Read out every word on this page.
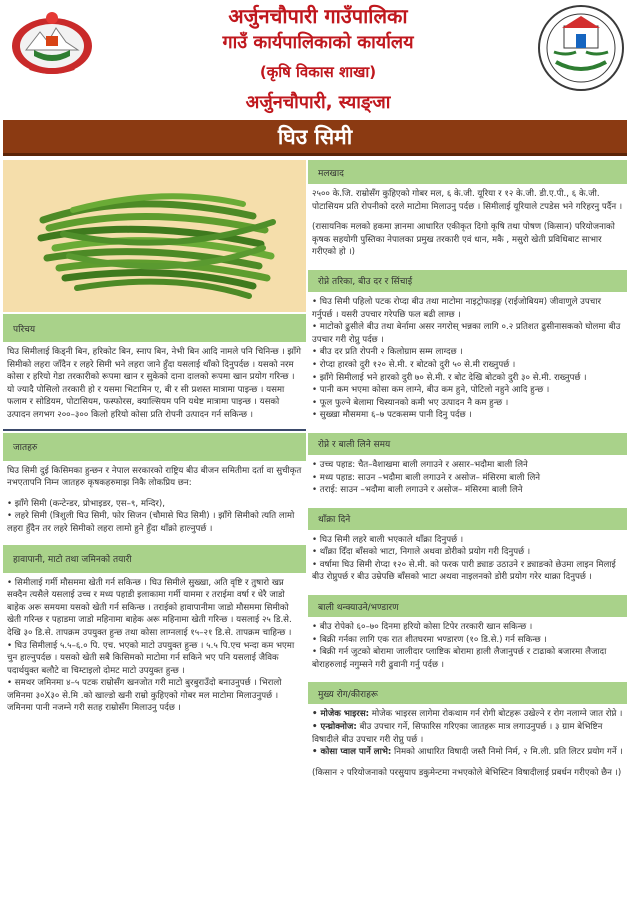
अर्जुनचौपारी गाउँपालिका
गाउँ कार्यपालिकाको कार्यालय
(कृषि विकास शाखा)
अर्जुनचौपारी, स्याङ्जा
घिउ सिमी
परिचय

घिउ सिमीलाई किड्नी बिन, हरिकोट बिन, स्नाप बिन, नेभी बिन आदि नामले पनि चिनिन्छ । झाँगे सिमीको लहरा जाँदैन र लहरे सिमी भने लहरा जाने हुँदा यसलाई थाँको दिनुपर्दछ । यसको नरम कोसा र हरियो गेडा तरकारीको रूपमा खान र सुकेको दाना दालको रूपमा खान प्रयोग गरिन्छ । यो ज्यादै पोसिलो तरकारी हो र यसमा भिटामिन ए, बी र सी प्रशस्त मात्रामा पाइन्छ । यसमा फलाम र सोडियम, पोटासियम, फस्फोरस, क्याल्सियम पनि यथेष्ट मात्रामा पाइन्छ । यसको उत्पादन लगभग २००–३०० किलो हरियो कोसा प्रति रोपनी उत्पादन गर्न सकिन्छ ।

जातहरु

घिउ सिमी दुई किसिमका हुन्छन र नेपाल सरकारको राष्ट्रिय बीउ बीजन समितीमा दर्ता वा सुचीकृत नभएतापनि निम्न जातहरु कृषकहरुमाझ निकै लोकप्रिय छन:

• झाँगे सिमी (कन्टेन्डर, प्रोभाइडर, एस–९, मन्दिर),
• लहरे सिमी (त्रिशुली घिउ सिमी, फोर सिजन (चौमासे घिउ सिमी) । झाँगे सिमीको त्यति लामो लहरा हुँदैन तर लहरे सिमीको लहरा लामो हुने हुँदा थाँक्रो हाल्नुपर्छ ।
हावापानी, माटो तथा जमिनको तयारी
• सिमीलाई गर्मी मौसममा खेती गर्न सकिन्छ । घिउ सिमीले सुख्खा, अति वृष्टि र तुषारो खप्न सक्दैन त्यसैले यसलाई उच्च र मध्य पहाडी इलाकामा गर्मी याममा र तराईमा वर्षा र धेरै जाडो बाहेक अरू समयमा यसको खेती गर्न सकिन्छ । तराईको हावापानीमा जाडो मौसममा सिमीको खेती गरिन्छ र पहाडमा जाडो महिनामा बाहेक अरू महिनामा खेती गरिन्छ । यसलाई २५ डि.से. देखि ३० डि.से. तापक्रम उपयुक्त हुन्छ तथा कोसा लाग्नलाई १५–२१ डि.से. तापक्रम चाहिन्छ ।
• घिउ सिमीलाई ५.५–६.० पि. एच. भएको माटो उपयुक्त हुन्छ । ५.५ पि.एच भन्दा कम भएमा चुन हाल्नुपर्दछ । यसको खेती सबै किसिमको माटोमा गर्न सकिने भए पनि यसलाई जैविक पदार्थयुक्त बलौटे वा चिम्टाइलो दोमट माटो उपयुक्त हुन्छ ।
• समथर जमिनमा ४–५ पटक राम्रोसँग खनजोत गरी माटो बुरबुराउँदो बनाउनुपर्छ । भिरालो जमिनमा ३०X३० से.मि .को खाल्डो खनी राम्रो कुहिएको गोबर मल माटोमा मिलाउनुपर्छ । जमिनमा पानी नजम्ने गरी सतह राम्रोसँग मिलाउनु पर्दछ ।
मलखाद

२५०० के.जि. राम्रोसँग कुहिएको गोबर मल, ६ के.जी. यूरिया र १२ के.जी. डी.ए.पी., ६ के.जी. पोटासियम प्रति रोपनीको दरले माटोमा मिलाउनु पर्दछ । सिमीलाई यूरियाले टपडेस भने गरिहरनु पर्दैन ।

(रासायनिक मलको हकमा ज्ञानमा आधारित एकीकृत दिगो कृषि तथा पोषण (किसान) परियोजनाको कृषक सहयोगी पुस्तिका नेपालका प्रमुख तरकारी एवं धान, मकै , मसुरो खेती प्रविधिबाट साभार गरीएको हो ।)

रोप्ने तरिका, बीउ दर र सिंचाई
• घिउ सिमी पहिलो पटक रोप्दा बीउ तथा माटोमा नाइट्रोफाइङ्ग (राईजोबियम) जीवाणुले उपचार गर्नुपर्छ । यसरी उपचार गरेपछि फल बढी लाग्छ ।
• माटोको ढुसीले बीउ तथा बेर्नामा असर नगरोस् भन्नका लागि ०.२ प्रतिशत ढुसीनासकको घोलमा बीउ उपचार गरी रोप्नु पर्दछ ।
• बीउ दर प्रति रोपनी २ किलोग्राम सम्म लाग्दछ ।
• रोप्दा हारको दुरी १२० से.मी. र बोटको दुरी ५० से.मी राख्नुपर्छ ।
• झाँगे सिमीलाई भने हारको दुरी ७० से.मी. र बोट देखि बोटको दुरी ३० से.मी. राख्नुपर्छ ।
• पानी कम भएमा कोसा कम लाग्ने, बीउ कम हुने, पोटिलो नहुने आदि हुन्छ ।
• फूल फुल्ने बेलामा चिस्यानको कमी भए उत्पादन नै कम हुन्छ ।
• सुख्खा मौसममा ६–७ पटकसम्म पानी दिनु पर्दछ ।
रोप्ने र बाली लिने समय
• उच्च पहाड: चैत–वैशाखमा बाली लगाउने र असार–भदौमा बाली लिने
• मध्य पहाड: साउन –भदौमा बाली लगाउने र असोज– मंसिरमा बाली लिने
• तराई: साउन –भदौमा बाली लगाउने र असोज– मंसिरमा बाली लिने
थाँक्रा दिने
• घिउ सिमी लहरे बाली भएकाले थाँक्रा दिनुपर्छ ।
• थाँक्रा दिँदा बाँसको भाटा, निगाले अथवा डोरीको प्रयोग गरी दिनुपर्छ ।
• वर्षामा घिउ सिमी रोप्दा १२० से.मी. को फरक पारी ड्याङ उठाउने र ड्याङको छेउमा लाइन मिलाई बीउ रोप्नुपर्छ र बीउ उम्रेपछि बाँसको भाटा अथवा नाइलनको डोरी प्रयोग गरेर थाक्रा दिनुपर्छ ।
बाली थन्क्याउने/भण्डारण
• बीउ रोपेको ६०–७० दिनमा हरियो कोसा टिपेर तरकारी खान सकिन्छ ।
• बिक्री गर्नका लागि एक रात शीतघरमा भण्डारण (१० डि.से.) गर्न सकिन्छ ।
• बिक्री गर्न जुटको बोरामा जालीदार प्लाष्टिक बोरामा हाली लैजानुपर्छ र टाढाको बजारमा लैजादा बोराहरुलाई नगुम्सने गरी ढुवानी गर्नु पर्दछ ।
मुख्य रोग/कीराहरू
• मोजेक भाइरस: मोजेक भाइरस लागेमा रोकथाम गर्न रोगी बोटहरू उखेल्ने र रोग नलाग्ने जात रोप्ने ।
• एन्थ्रोक्नोज: बीउ उपचार गर्ने, सिफारिस गरिएका जातहरू मात्र लगाउनुपर्छ । ३ ग्राम बेभिष्टिन विषादीले बीउ उपचार गरी रोप्नु पर्छ ।
• कोसा प्वाल पार्ने लाभे: निमको आधारित विषादी जस्तै निमो निर्म, २ मि.ली. प्रति लिटर प्रयोग गर्ने ।

(किसान २ परियोजनाको परसुयाप डकुमेन्टमा नभएकोले बेभिस्टिन विषादीलाई प्रबर्धन गरीएको छैन ।)
